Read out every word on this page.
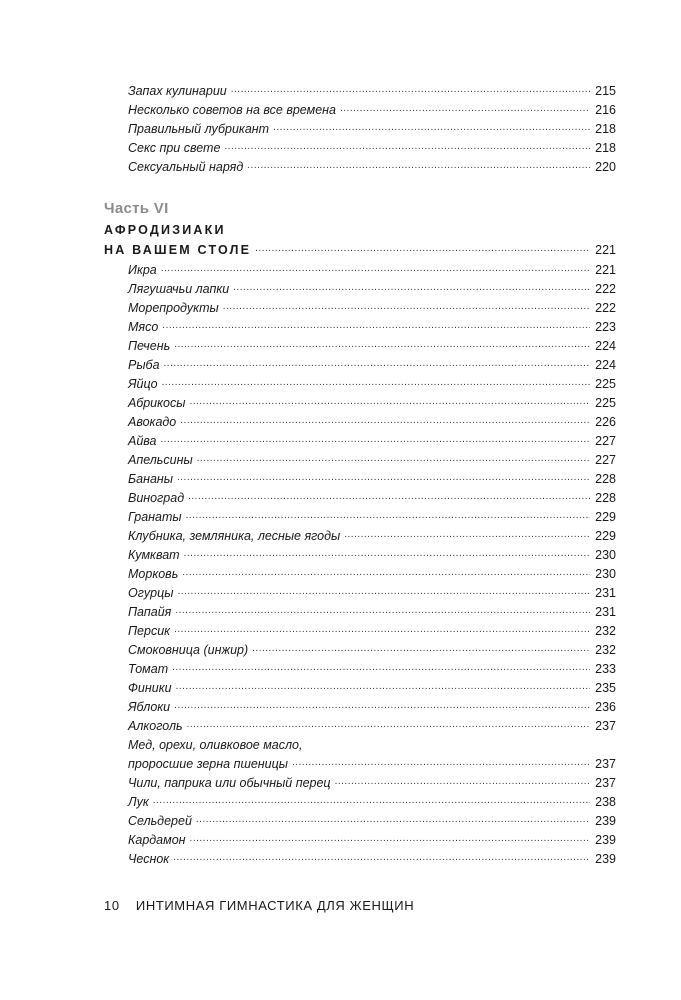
Запах кулинарии .....	215
Несколько советов на все времена .....	216
Правильный лубрикант .....	218
Секс при свете .....	218
Сексуальный наряд .....	220
Часть VI
АФРОДИЗИАКИ
НА ВАШЕМ СТОЛЕ .....	221
Икра .....	221
Лягушачьи лапки .....	222
Морепродукты .....	222
Мясо .....	223
Печень .....	224
Рыба .....	224
Яйцо .....	225
Абрикосы .....	225
Авокадо .....	226
Айва .....	227
Апельсины .....	227
Бананы .....	228
Виноград .....	228
Гранаты .....	229
Клубника, земляника, лесные ягоды .....	229
Кумкват .....	230
Морковь .....	230
Огурцы .....	231
Папайя .....	231
Персик .....	232
Смоковница (инжир) .....	232
Томат .....	233
Финики .....	235
Яблоки .....	236
Алкоголь .....	237
Мед, орехи, оливковое масло,
проросшие зерна пшеницы .....	237
Чили, паприка или обычный перец .....	237
Лук .....	238
Сельдерей .....	239
Кардамон .....	239
Чеснок .....	239
10 ИНТИМНАЯ ГИМНАСТИКА ДЛЯ ЖЕНЩИН
